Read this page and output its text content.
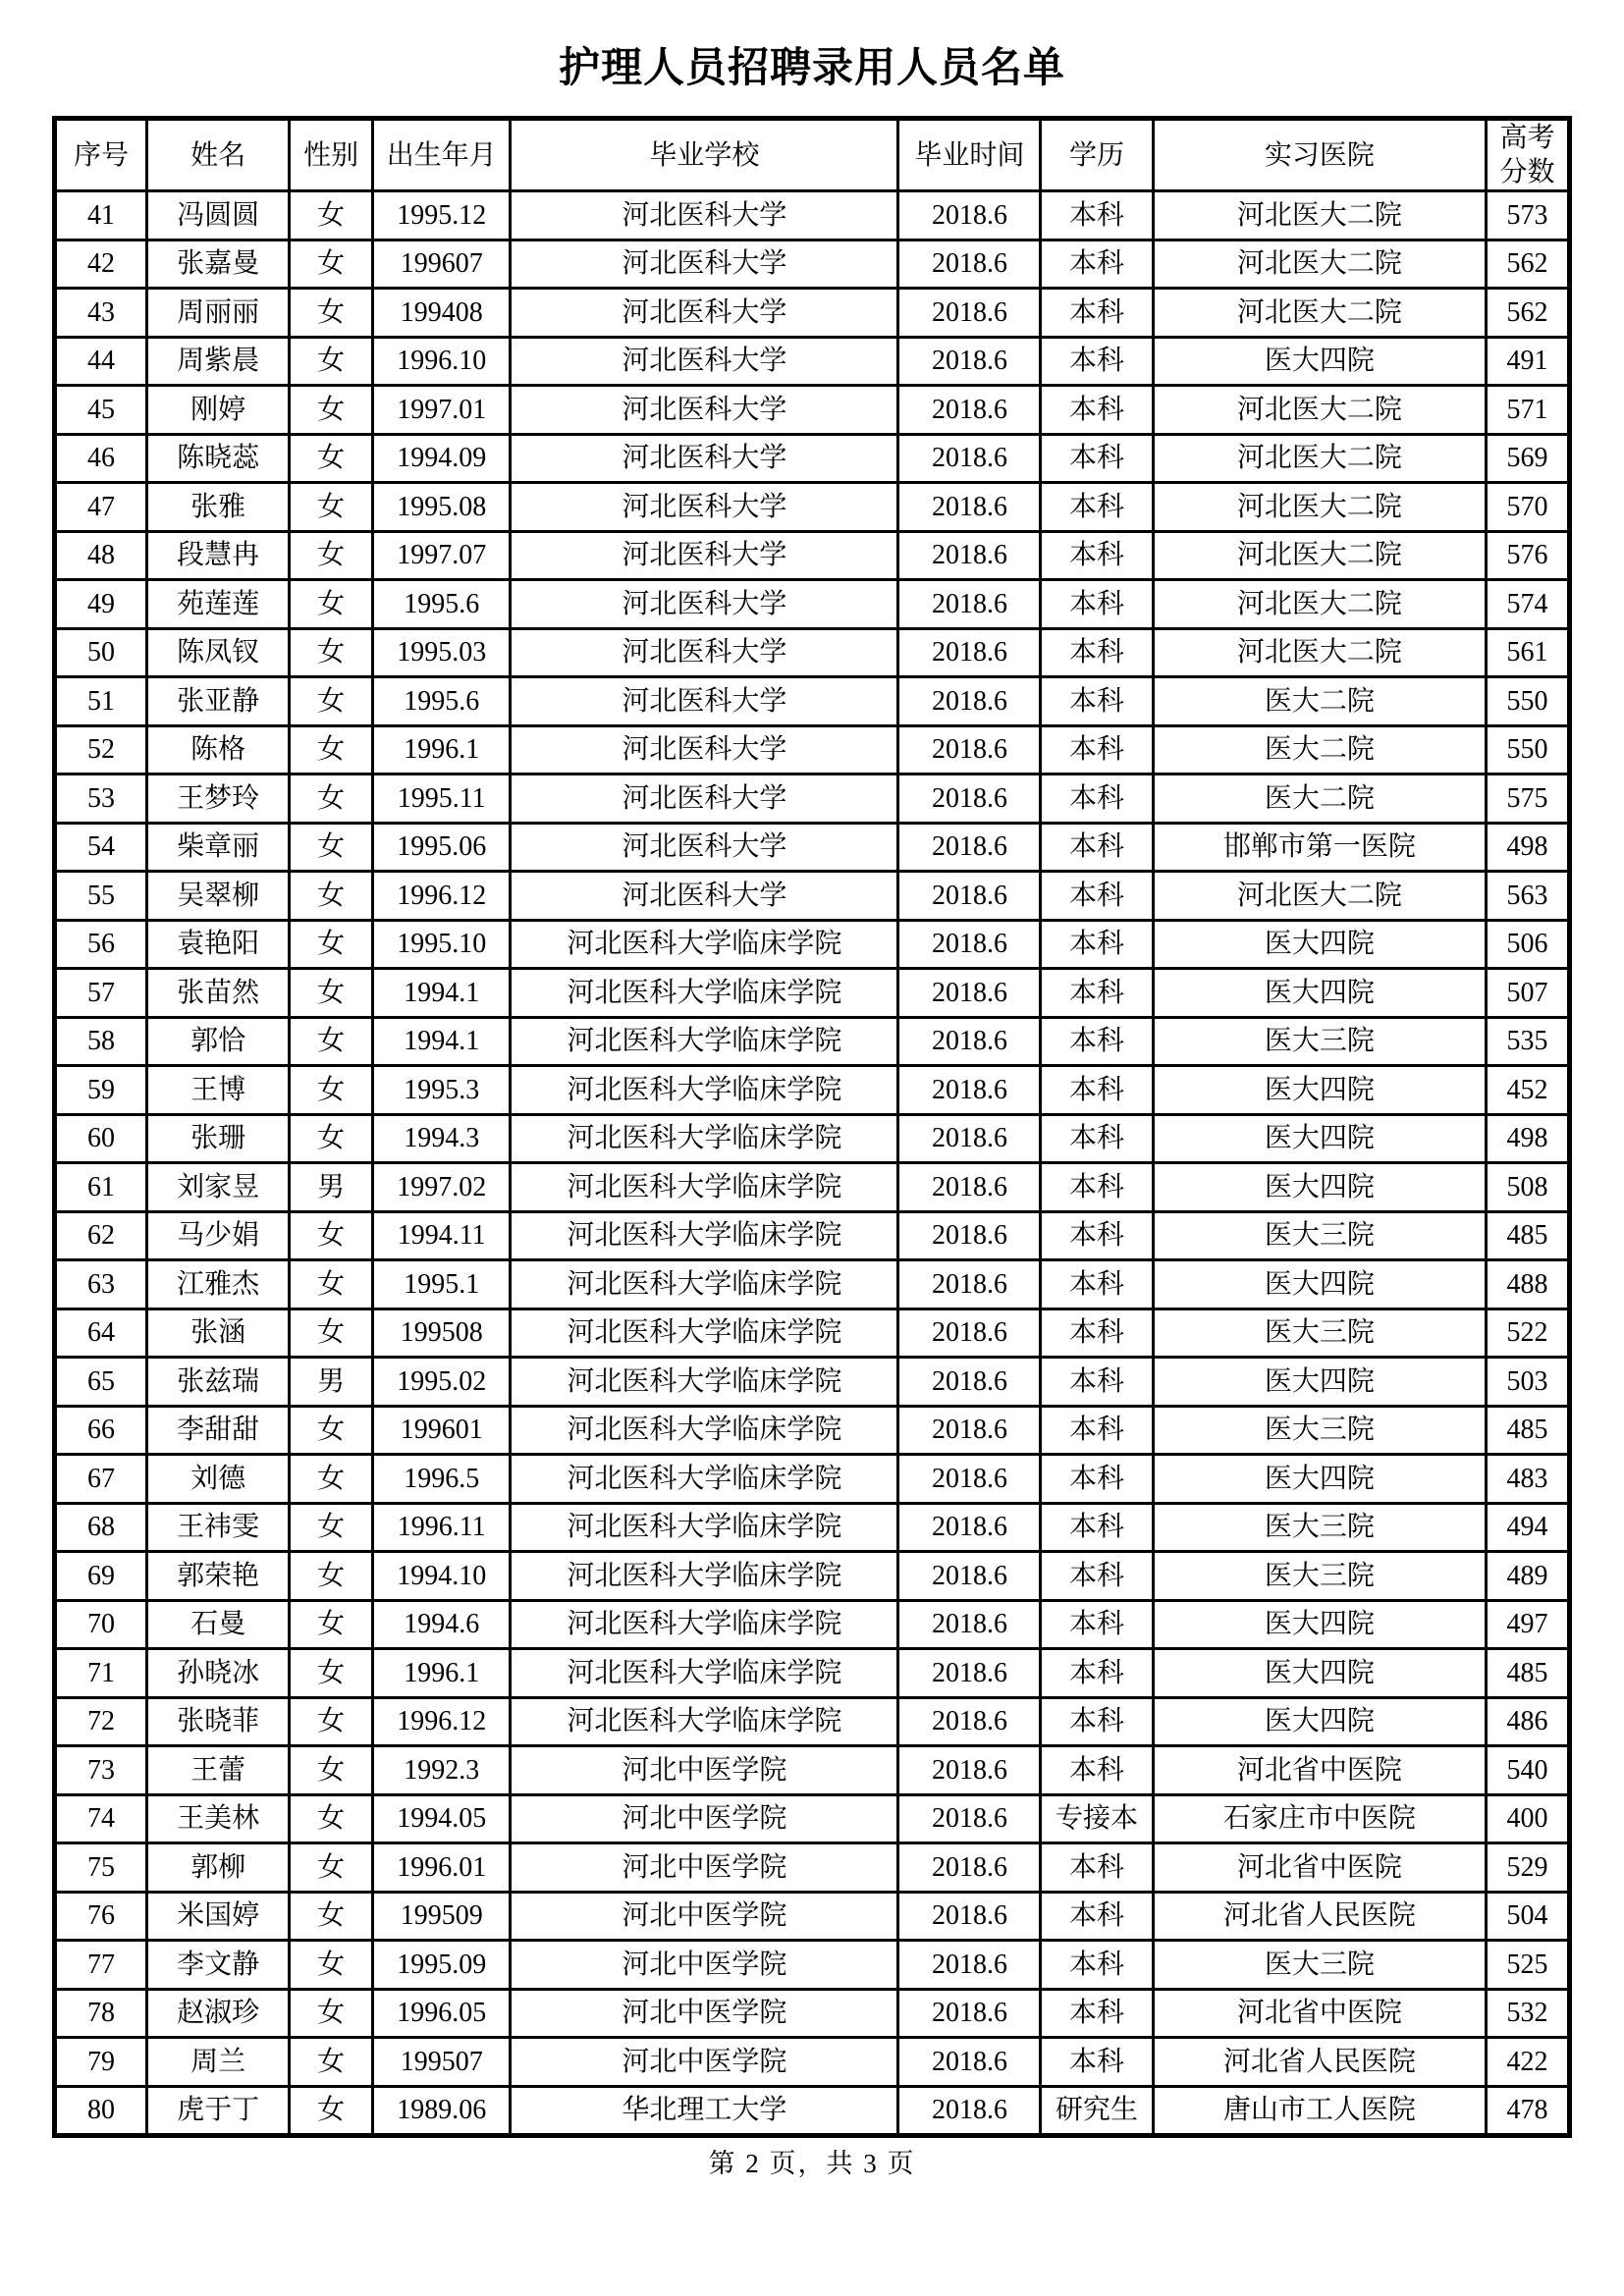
护理人员招聘录用人员名单
序号	姓名	性别	出生年月	毕业学校	毕业时间	学历	实习医院	高考分数
41	冯圆圆	女	1995.12	河北医科大学	2018.6	本科	河北医大二院	573
42	张嘉曼	女	199607	河北医科大学	2018.6	本科	河北医大二院	562
43	周丽丽	女	199408	河北医科大学	2018.6	本科	河北医大二院	562
44	周紫晨	女	1996.10	河北医科大学	2018.6	本科	医大四院	491
45	刚婷	女	1997.01	河北医科大学	2018.6	本科	河北医大二院	571
46	陈晓蕊	女	1994.09	河北医科大学	2018.6	本科	河北医大二院	569
47	张雅	女	1995.08	河北医科大学	2018.6	本科	河北医大二院	570
48	段慧冉	女	1997.07	河北医科大学	2018.6	本科	河北医大二院	576
49	苑莲莲	女	1995.6	河北医科大学	2018.6	本科	河北医大二院	574
50	陈凤钗	女	1995.03	河北医科大学	2018.6	本科	河北医大二院	561
51	张亚静	女	1995.6	河北医科大学	2018.6	本科	医大二院	550
52	陈格	女	1996.1	河北医科大学	2018.6	本科	医大二院	550
53	王梦玲	女	1995.11	河北医科大学	2018.6	本科	医大二院	575
54	柴章丽	女	1995.06	河北医科大学	2018.6	本科	邯郸市第一医院	498
55	吴翠柳	女	1996.12	河北医科大学	2018.6	本科	河北医大二院	563
56	袁艳阳	女	1995.10	河北医科大学临床学院	2018.6	本科	医大四院	506
57	张苗然	女	1994.1	河北医科大学临床学院	2018.6	本科	医大四院	507
58	郭恰	女	1994.1	河北医科大学临床学院	2018.6	本科	医大三院	535
59	王博	女	1995.3	河北医科大学临床学院	2018.6	本科	医大四院	452
60	张珊	女	1994.3	河北医科大学临床学院	2018.6	本科	医大四院	498
61	刘家昱	男	1997.02	河北医科大学临床学院	2018.6	本科	医大四院	508
62	马少娟	女	1994.11	河北医科大学临床学院	2018.6	本科	医大三院	485
63	江雅杰	女	1995.1	河北医科大学临床学院	2018.6	本科	医大四院	488
64	张涵	女	199508	河北医科大学临床学院	2018.6	本科	医大三院	522
65	张兹瑞	男	1995.02	河北医科大学临床学院	2018.6	本科	医大四院	503
66	李甜甜	女	199601	河北医科大学临床学院	2018.6	本科	医大三院	485
67	刘德	女	1996.5	河北医科大学临床学院	2018.6	本科	医大四院	483
68	王祎雯	女	1996.11	河北医科大学临床学院	2018.6	本科	医大三院	494
69	郭荣艳	女	1994.10	河北医科大学临床学院	2018.6	本科	医大三院	489
70	石曼	女	1994.6	河北医科大学临床学院	2018.6	本科	医大四院	497
71	孙晓冰	女	1996.1	河北医科大学临床学院	2018.6	本科	医大四院	485
72	张晓菲	女	1996.12	河北医科大学临床学院	2018.6	本科	医大四院	486
73	王蕾	女	1992.3	河北中医学院	2018.6	本科	河北省中医院	540
74	王美林	女	1994.05	河北中医学院	2018.6	专接本	石家庄市中医院	400
75	郭柳	女	1996.01	河北中医学院	2018.6	本科	河北省中医院	529
76	米国婷	女	199509	河北中医学院	2018.6	本科	河北省人民医院	504
77	李文静	女	1995.09	河北中医学院	2018.6	本科	医大三院	525
78	赵淑珍	女	1996.05	河北中医学院	2018.6	本科	河北省中医院	532
79	周兰	女	199507	河北中医学院	2018.6	本科	河北省人民医院	422
80	虎于丁	女	1989.06	华北理工大学	2018.6	研究生	唐山市工人医院	478
第 2 页，共 3 页
